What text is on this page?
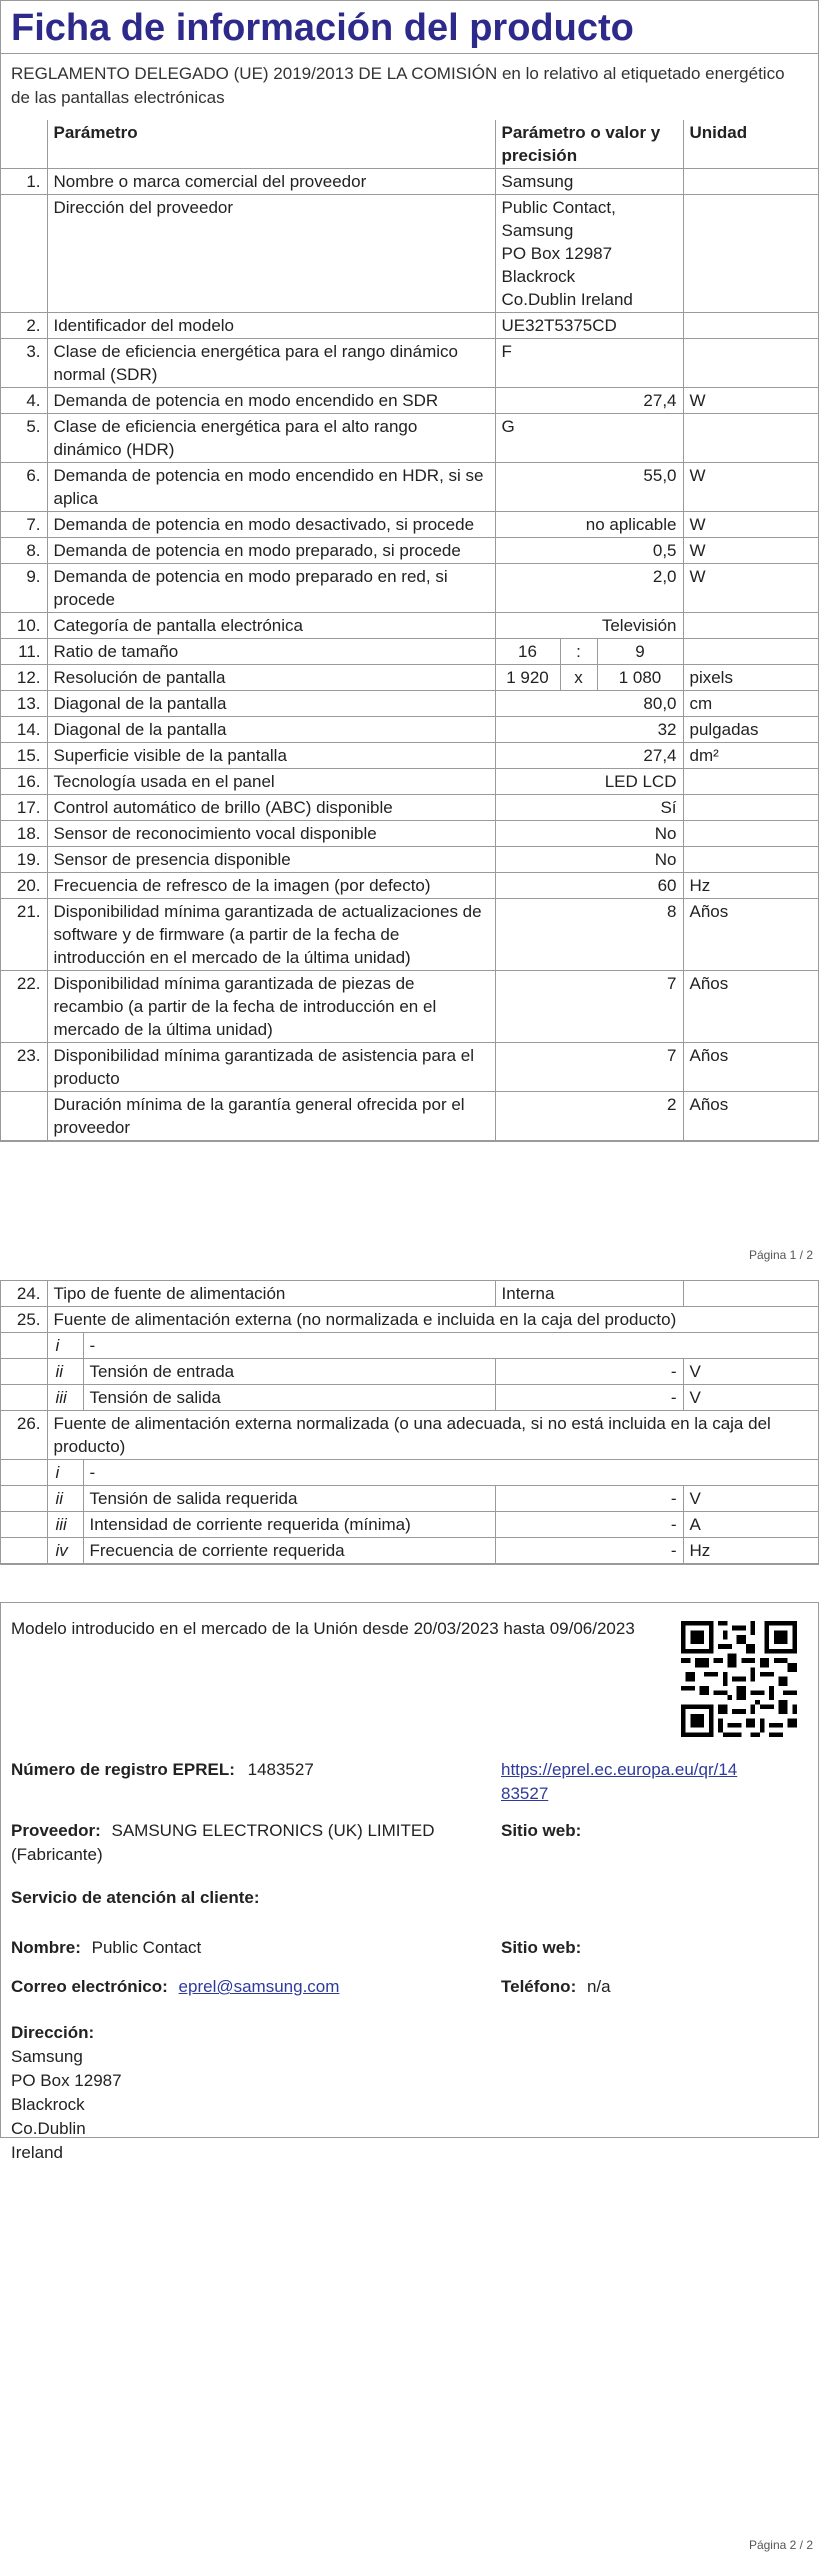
Ficha de información del producto
REGLAMENTO DELEGADO (UE) 2019/2013 DE LA COMISIÓN en lo relativo al etiquetado energético de las pantallas electrónicas
	Parámetro	Parámetro o valor y precisión			Unidad
1.	Nombre o marca comercial del proveedor	Samsung			
	Dirección del proveedor	Public Contact, Samsung
PO Box 12987 Blackrock
Co.Dublin Ireland			

2.	Identificador del modelo	UE32T5375CD			
3.	Clase de eficiencia energética para el rango dinámico normal (SDR)	F			
4.	Demanda de potencia en modo encendido en SDR	27,4			W
5.	Clase de eficiencia energética para el alto rango dinámico (HDR)	G			
6.	Demanda de potencia en modo encendido en HDR, si se aplica	55,0			W
7.	Demanda de potencia en modo desactivado, si procede	no aplicable			W
8.	Demanda de potencia en modo preparado, si procede	0,5			W
9.	Demanda de potencia en modo preparado en red, si procede	2,0			W
10.	Categoría de pantalla electrónica	Televisión			
11.	Ratio de tamaño	16	:	9	
12.	Resolución de pantalla	1 920	x	1 080	pixels
13.	Diagonal de la pantalla	80,0			cm
14.	Diagonal de la pantalla	32			pulgadas
15.	Superficie visible de la pantalla	27,4			dm²
16.	Tecnología usada en el panel	LED LCD			
17.	Control automático de brillo (ABC) disponible	Sí			
18.	Sensor de reconocimiento vocal disponible	No			
19.	Sensor de presencia disponible	No			
20.	Frecuencia de refresco de la imagen (por defecto)	60			Hz
21.	Disponibilidad mínima garantizada de actualizaciones de software y de firmware (a partir de la fecha de introducción en el mercado de la última unidad)	8			Años
22.	Disponibilidad mínima garantizada de piezas de recambio (a partir de la fecha de introducción en el mercado de la última unidad)	7			Años
23.	Disponibilidad mínima garantizada de asistencia para el producto	7			Años
	Duración mínima de la garantía general ofrecida por el proveedor	2			Años
Página 1 / 2
24.	Tipo de fuente de alimentación		Interna	
25.	Fuente de alimentación externa (no normalizada e incluida en la caja del producto)			
	i	-		
	ii	Tensión de entrada	-	V
	iii	Tensión de salida	-	V
26.	Fuente de alimentación externa normalizada (o una adecuada, si no está incluida en la caja del producto)			
	i	-		
	ii	Tensión de salida requerida	-	V
	iii	Intensidad de corriente requerida (mínima)	-	A
	iv	Frecuencia de corriente requerida	-	Hz
Modelo introducido en el mercado de la Unión desde 20/03/2023 hasta 09/06/2023
Número de registro EPREL: 1483527	https://eprel.ec.europa.eu/qr/14
83527
Proveedor: SAMSUNG ELECTRONICS (UK) LIMITED (Fabricante)
Sitio web:
Servicio de atención al cliente:
Nombre: Public Contact	Sitio web:
Correo electrónico: eprel@samsung.com	Teléfono: n/a
Dirección:
Samsung
PO Box 12987
Blackrock
Co.Dublin
Ireland
Página 2 / 2
